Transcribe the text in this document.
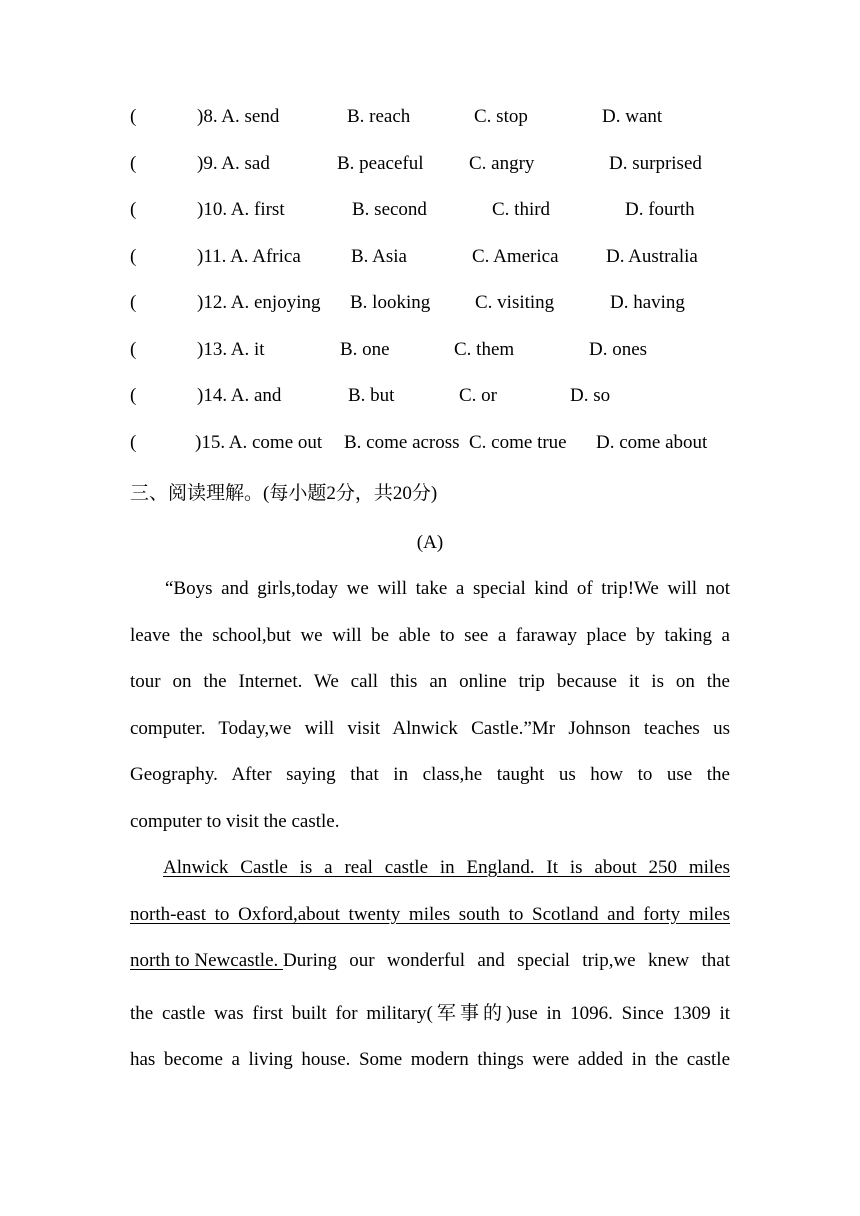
(	)8. A. send	B. reach	C. stop	D. want
(	)9. A. sad	B. peaceful C. angry	D. surprised
(	)10. A. first	B. second	C. third	D. fourth
(	)11. A. Africa	B. Asia	C. America D. Australia
(	)12. A. enjoying B. looking C. visiting	D. having
(	)13. A. it	B. one	C. them	D. ones
(	)14. A. and	B. but	C. or	D. so
(	)15. A. come out B. come across C. come true D. come about
三、阅读理解。(每小题2分，共20分)
(A)
“Boys and girls,today we will take a special kind of trip!We will not
leave the school,but we will be able to see a faraway place by taking a
tour on the Internet. We call this an online trip because it is on the
computer. Today,we will visit Alnwick Castle.”Mr Johnson teaches us
Geography. After saying that in class,he taught us how to use the
computer to visit the castle.
Alnwick Castle is a real castle in England. It is about 250 miles
north-east to Oxford,about twenty miles south to Scotland and forty miles
north to Newcastle. During our wonderful and special trip,we knew that
the castle was first built for military(军事的)use in 1096. Since 1309 it
has become a living house. Some modern things were added in the castle
